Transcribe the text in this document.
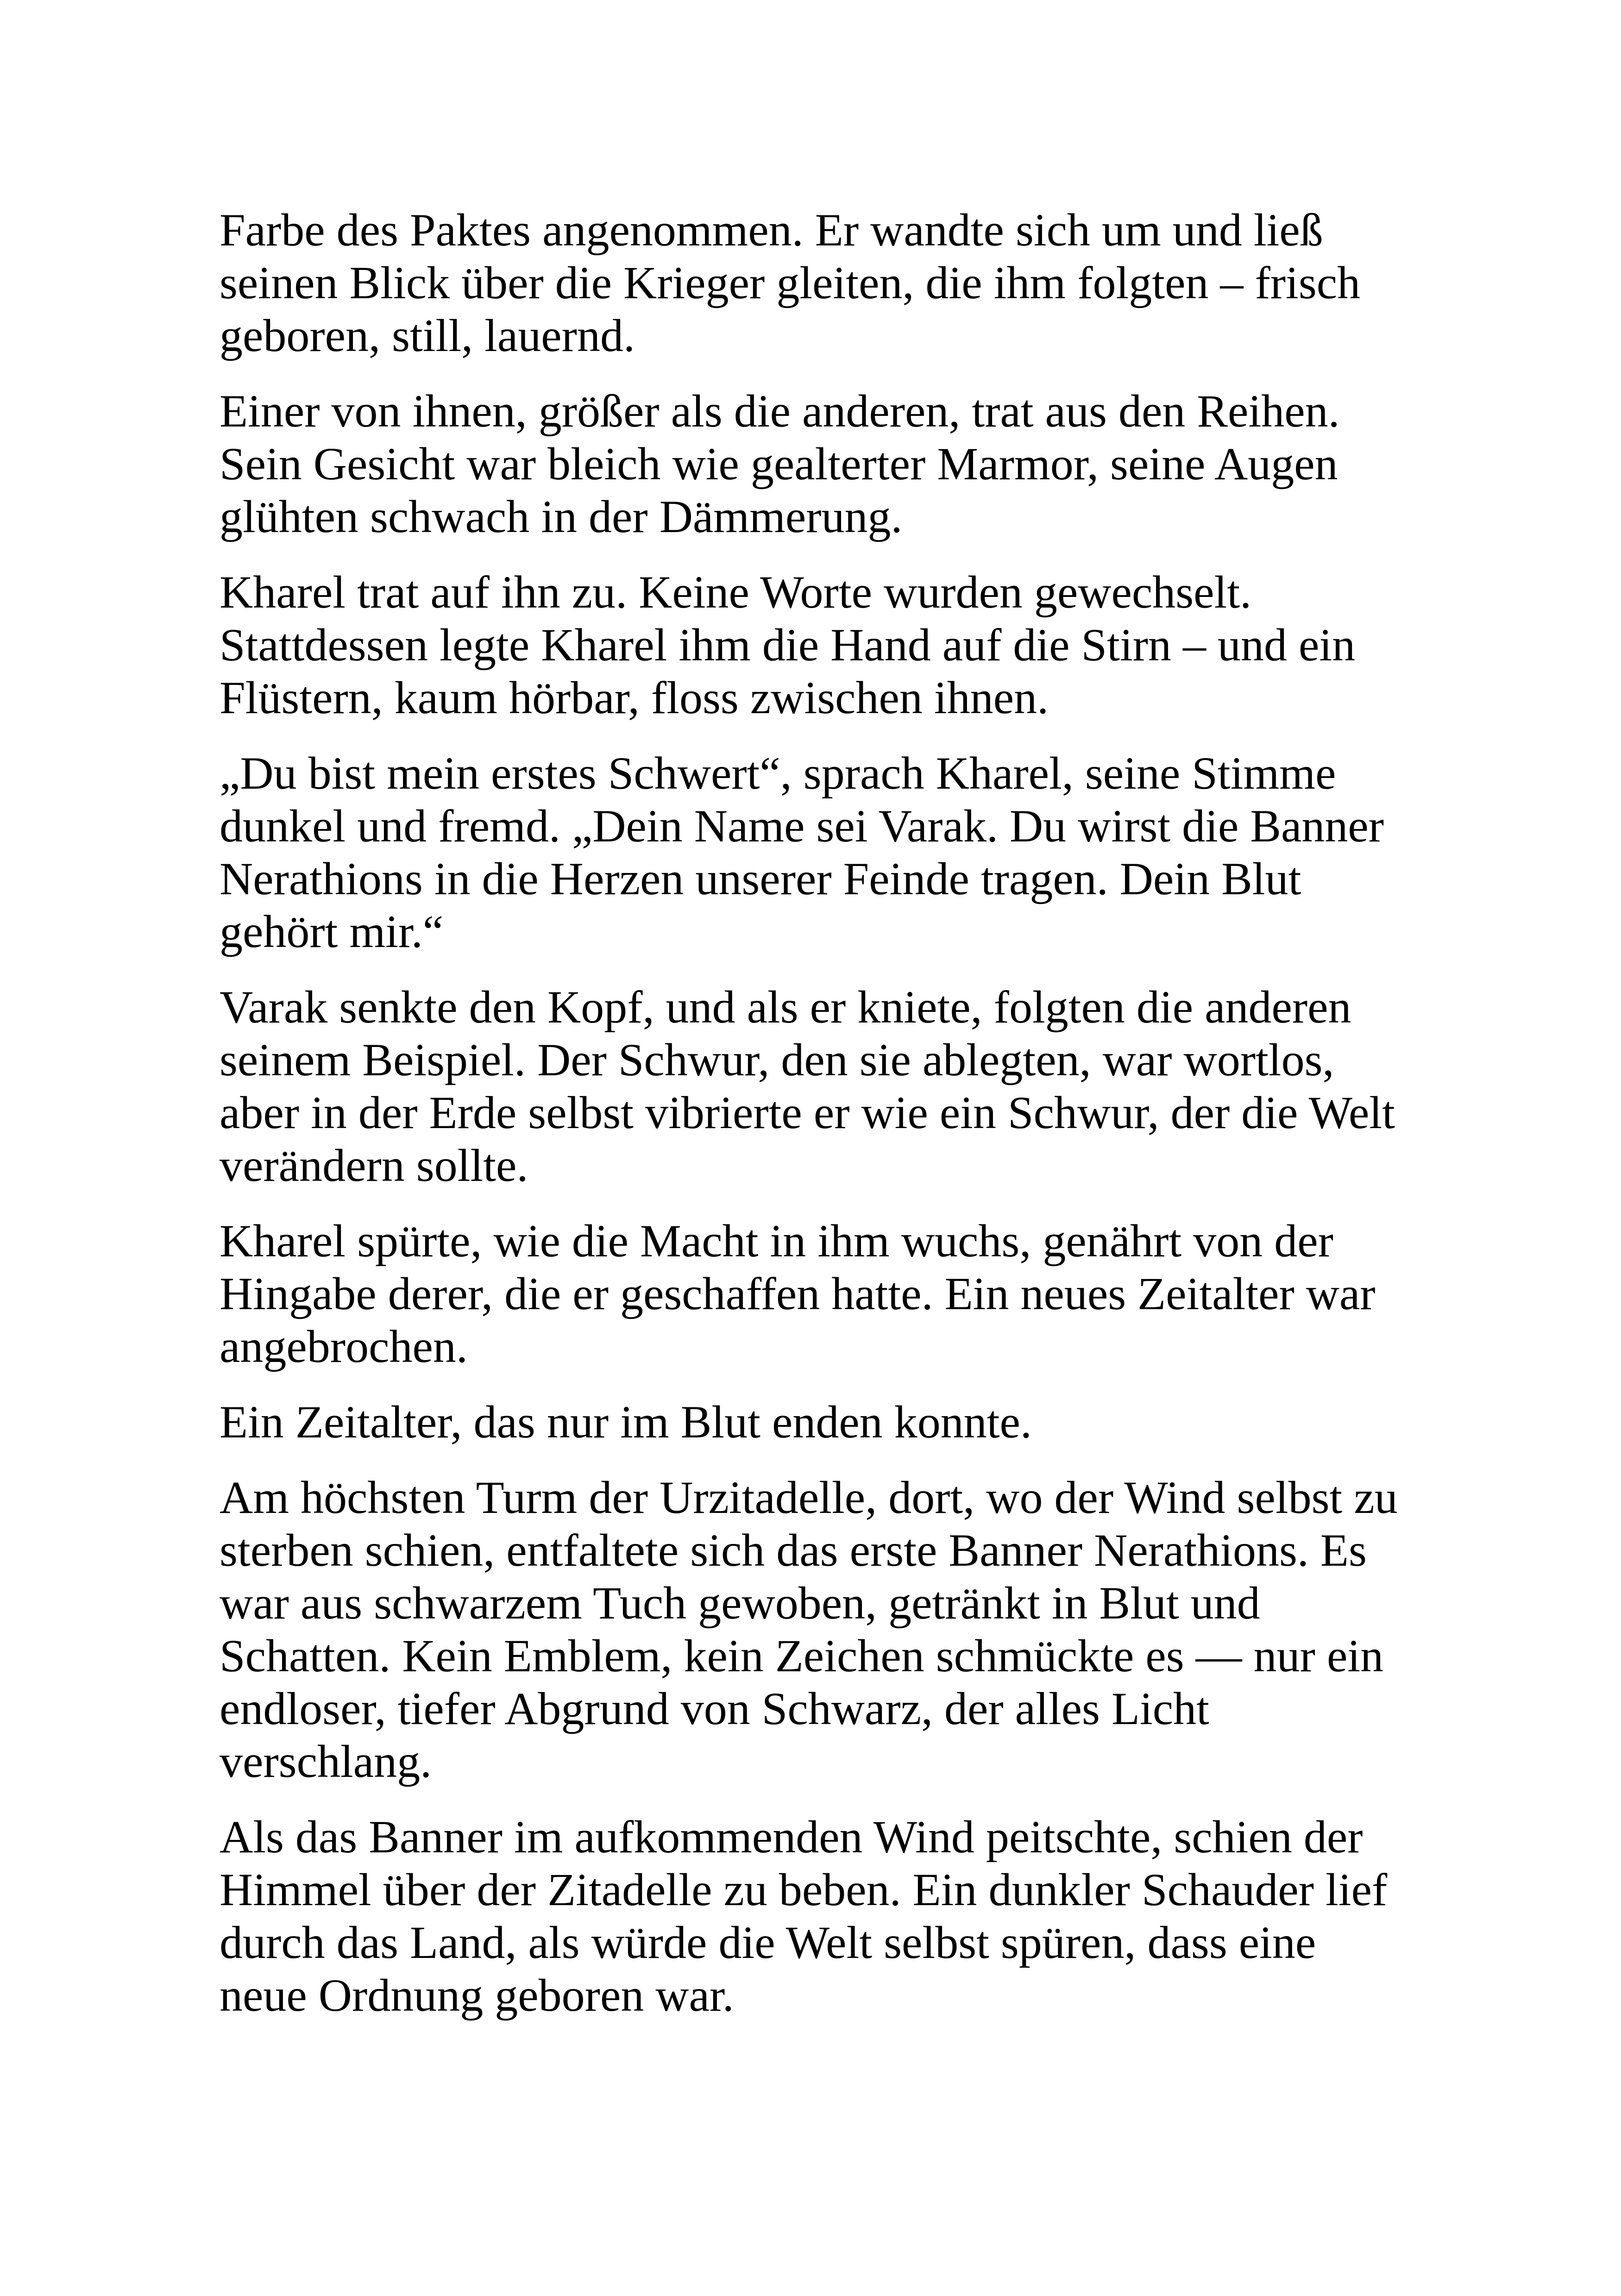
Farbe des Paktes angenommen. Er wandte sich um und ließ
seinen Blick über die Krieger gleiten, die ihm folgten – frisch
geboren, still, lauernd.

Einer von ihnen, größer als die anderen, trat aus den Reihen.
Sein Gesicht war bleich wie gealterter Marmor, seine Augen
glühten schwach in der Dämmerung.

Kharel trat auf ihn zu. Keine Worte wurden gewechselt.
Stattdessen legte Kharel ihm die Hand auf die Stirn – und ein
Flüstern, kaum hörbar, floss zwischen ihnen.

„Du bist mein erstes Schwert“, sprach Kharel, seine Stimme
dunkel und fremd. „Dein Name sei Varak. Du wirst die Banner
Nerathions in die Herzen unserer Feinde tragen. Dein Blut
gehört mir.“

Varak senkte den Kopf, und als er kniete, folgten die anderen
seinem Beispiel. Der Schwur, den sie ablegten, war wortlos,
aber in der Erde selbst vibrierte er wie ein Schwur, der die Welt
verändern sollte.

Kharel spürte, wie die Macht in ihm wuchs, genährt von der
Hingabe derer, die er geschaffen hatte. Ein neues Zeitalter war
angebrochen.

Ein Zeitalter, das nur im Blut enden konnte.

Am höchsten Turm der Urzitadelle, dort, wo der Wind selbst zu
sterben schien, entfaltete sich das erste Banner Nerathions. Es
war aus schwarzem Tuch gewoben, getränkt in Blut und
Schatten. Kein Emblem, kein Zeichen schmückte es — nur ein
endloser, tiefer Abgrund von Schwarz, der alles Licht
verschlang.

Als das Banner im aufkommenden Wind peitschte, schien der
Himmel über der Zitadelle zu beben. Ein dunkler Schauder lief
durch das Land, als würde die Welt selbst spüren, dass eine
neue Ordnung geboren war.
